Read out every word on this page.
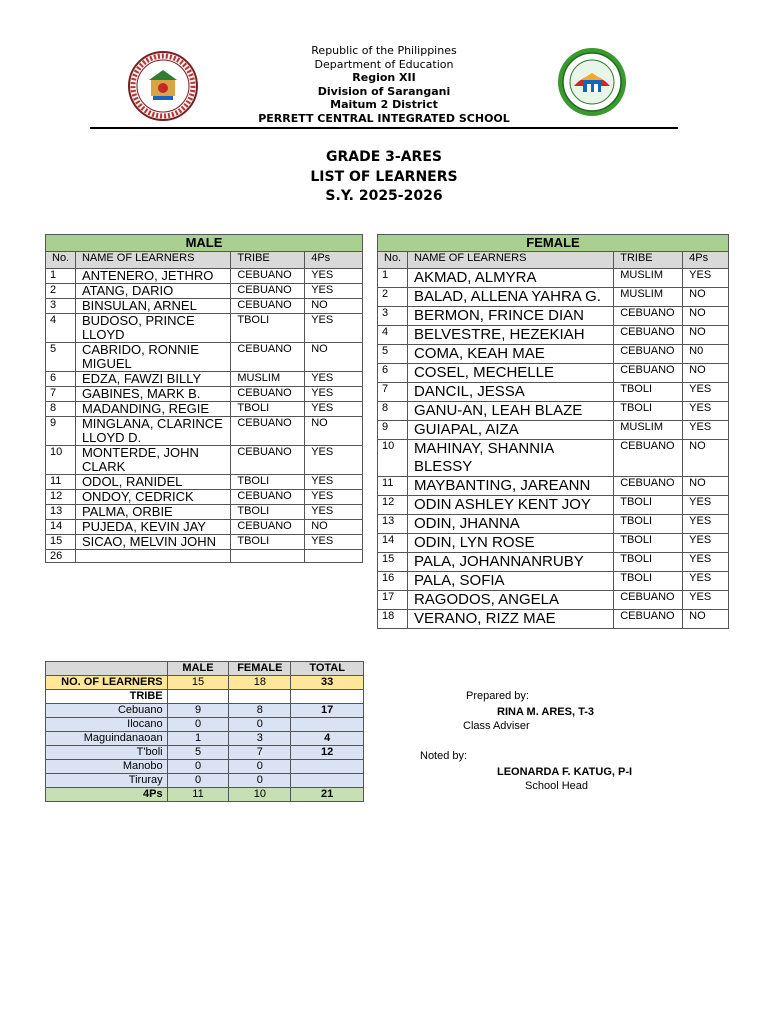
Republic of the Philippines
Department of Education
Region XII
Division of Sarangani
Maitum 2 District
PERRETT CENTRAL INTEGRATED SCHOOL
GRADE 3-ARES
LIST OF LEARNERS
S.Y. 2025-2026
MALE			
No.	NAME OF LEARNERS	TRIBE	4Ps
1	ANTENERO, JETHRO	CEBUANO	YES
2	ATANG, DARIO	CEBUANO	YES
3	BINSULAN, ARNEL	CEBUANO	NO
4	BUDOSO, PRINCE LLOYD	TBOLI	YES
5	CABRIDO, RONNIE MIGUEL	CEBUANO	NO
6	EDZA, FAWZI BILLY	MUSLIM	YES
7	GABINES, MARK B.	CEBUANO	YES
8	MADANDING, REGIE	TBOLI	YES
9	MINGLANA, CLARINCE LLOYD D.	CEBUANO	NO
10	MONTERDE, JOHN CLARK	CEBUANO	YES
11	ODOL, RANIDEL	TBOLI	YES
12	ONDOY, CEDRICK	CEBUANO	YES
13	PALMA, ORBIE	TBOLI	YES
14	PUJEDA, KEVIN JAY	CEBUANO	NO
15	SICAO, MELVIN JOHN	TBOLI	YES
26			
FEMALE			
No.	NAME OF LEARNERS	TRIBE	4Ps
1	AKMAD, ALMYRA	MUSLIM	YES
2	BALAD, ALLENA YAHRA G.	MUSLIM	NO
3	BERMON, FRINCE DIAN	CEBUANO	NO
4	BELVESTRE, HEZEKIAH	CEBUANO	NO
5	COMA, KEAH MAE	CEBUANO	N0
6	COSEL, MECHELLE	CEBUANO	NO
7	DANCIL, JESSA	TBOLI	YES
8	GANU-AN, LEAH BLAZE	TBOLI	YES
9	GUIAPAL, AIZA	MUSLIM	YES
10	MAHINAY, SHANNIA BLESSY	CEBUANO	NO
11	MAYBANTING, JAREANN	CEBUANO	NO
12	ODIN ASHLEY KENT JOY	TBOLI	YES
13	ODIN, JHANNA	TBOLI	YES
14	ODIN, LYN ROSE	TBOLI	YES
15	PALA, JOHANNANRUBY	TBOLI	YES
16	PALA, SOFIA	TBOLI	YES
17	RAGODOS, ANGELA	CEBUANO	YES
18	VERANO, RIZZ MAE	CEBUANO	NO
	MALE	FEMALE	TOTAL
NO. OF LEARNERS	15	18	33
TRIBE			
Cebuano	9	8	17
Ilocano	0	0	
Maguindanaoan	1	3	4
T'boli	5	7	12
Manobo	0	0	
Tiruray	0	0	
4Ps	11	10	21
Prepared by:
RINA M. ARES, T-3
Class Adviser
Noted by:
LEONARDA F. KATUG, P-I
School Head
